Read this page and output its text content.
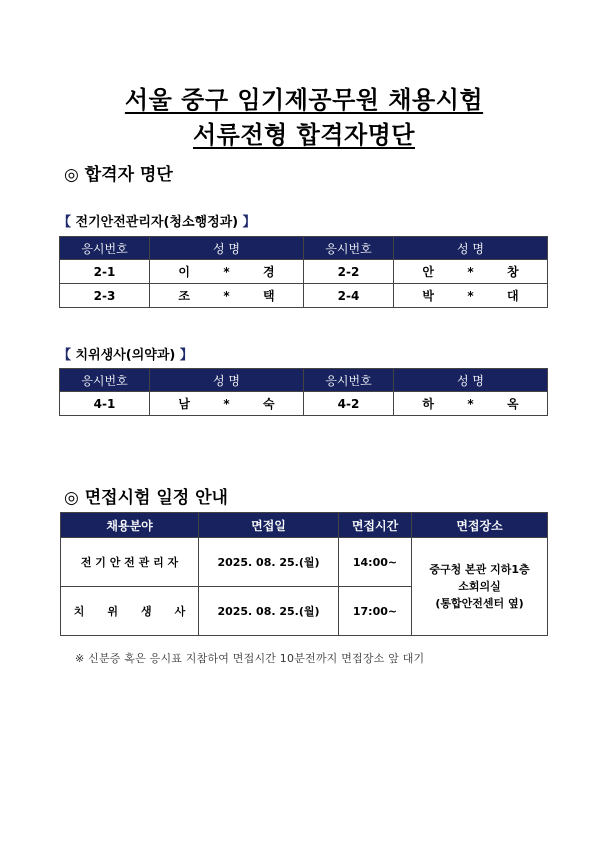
서울 중구 임기제공무원 채용시험
서류전형 합격자명단
◎ 합격자 명단
【 전기안전관리자(청소행정과) 】
응시번호	성 명	응시번호	성 명
2-1	이        *        경	2-2	안        *        창
2-3	조        *        택	2-4	박        *        대
【 치위생사(의약과) 】
응시번호	성 명	응시번호	성 명
4-1	남        *        숙	4-2	하        *        옥
◎ 면접시험 일정 안내
채용분야	면접일	면접시간	면접장소
전 기 안 전 관 리 자	2025. 08. 25.(월)	14:00~	중구청 본관 지하1층
소회의실
(통합안전센터 옆)

치      위      생      사	2025. 08. 25.(월)	17:00~	
※ 신분증 혹은 응시표 지참하여 면접시간 10분전까지 면접장소 앞 대기
